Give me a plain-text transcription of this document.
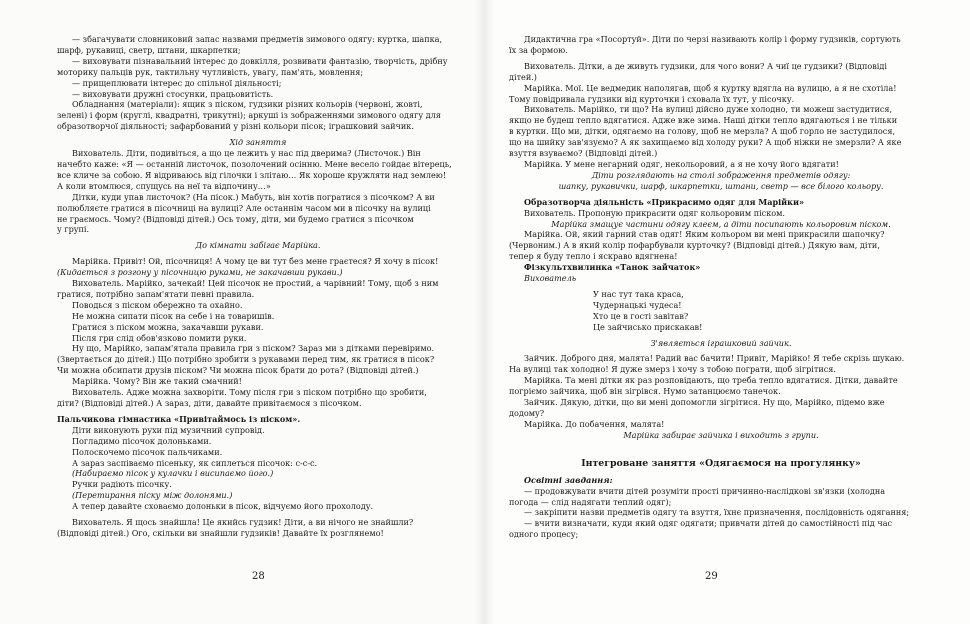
— збагачувати словниковий запас назвами предметів зимового одягу: куртка, шапка,

шарф, рукавиці, светр, штани, шкарпетки;

— виховувати пізнавальний інтерес до довкілля, розвивати фантазію, творчість, дрібну

моторику пальців рук, тактильну чутливість, увагу, пам'ять, мовлення;

— прищеплювати інтерес до спільної діяльності;

— виховувати дружні стосунки, працьовитість.

Обладнання (матеріали): ящик з піском, гудзики різних кольорів (червоні, жовті,

зелені) і форм (круглі, квадратні, трикутні); аркуші із зображеннями зимового одягу для

образотворчої діяльності; зафарбований у різні кольори пісок; іграшковий зайчик.

Хід заняття

Вихователь. Діти, подивіться, а що це лежить у нас під дверима? (Листочок.) Він

начебто каже: «Я — останній листочок, позолочений осінню. Мене весело гойдає вітерець,

все кличе за собою. Я відриваюсь від гілочки і злітаю… Як хороше кружляти над землею!

А коли втомлюся, спущусь на неї та відпочину…»

Дітки, куди упав листочок? (На пісок.) Мабуть, він хотів погратися з пісочком? А ви

полюбляєте гратися в пісочниці на вулиці? Але останнім часом ми в пісочку на вулиці

не граємось. Чому? (Відповіді дітей.) Ось тому, діти, ми будемо гратися з пісочком

у групі.

До кімнати забігає Марійка.

Марійка. Привіт! Ой, пісочниця! А чому це ви тут без мене граєтеся? Я хочу в пісок!

(Кидається з розгону у пісочницю руками, не закачавши рукави.)

Вихователь. Марійко, зачекай! Цей пісочок не простий, а чарівний! Тому, щоб з ним

гратися, потрібно запам'ятати певні правила.

Поводься з піском обережно та охайно.

Не можна сипати пісок на себе і на товаришів.

Гратися з піском можна, закачавши рукави.

Після гри слід обов'язково помити руки.

Ну що, Марійко, запам'ятала правила гри з піском? Зараз ми з дітками перевіримо.

(Звертається до дітей.) Що потрібно зробити з рукавами перед тим, як гратися в пісок?

Чи можна обсипати друзів піском? Чи можна пісок брати до рота? (Відповіді дітей.)

Марійка. Чому? Він же такий смачний!

Вихователь. Адже можна захворіти. Тому після гри з піском потрібно що зробити,

діти? (Відповіді дітей.) А зараз, діти, давайте привітаємося з пісочком.

Пальчикова гімнастика «Привітаймось із піском».

Діти виконують рухи під музичний супровід.

Погладимо пісочок долоньками.

Полоскочемо пісочок пальчиками.

А зараз заспіваємо пісеньку, як сиплеться пісочок: с-с-с.

(Набираємо пісок у кулачки і висипаємо його.)

Ручки радіють пісочку.

(Перетирання піску між долонями.)

А тепер давайте сховаємо долоньки в пісок, відчуємо його прохолоду.

Вихователь. Я щось знайшла! Це якийсь гудзик! Діти, а ви нічого не знайшли?

(Відповіді дітей.) Ого, скільки ви знайшли гудзиків! Давайте їх розглянемо!

28

Дидактична гра «Посортуй». Діти по черзі називають колір і форму гудзиків, сортують

їх за формою.

Вихователь. Дітки, а де живуть гудзики, для чого вони? А чиї це гудзики? (Відповіді

дітей.)

Марійка. Мої. Це ведмедик наполягав, щоб я куртку вдягла на вулицю, а я не схотіла!

Тому повідривала гудзики від курточки і сховала їх тут, у пісочку.

Вихователь. Марійко, ти що? На вулиці дійсно дуже холодно, ти можеш застудитися,

якщо не будеш тепло вдягатися. Адже вже зима. Наші дітки тепло вдягаються і не тільки

в куртки. Що ми, дітки, одягаємо на голову, щоб не мерзла? А щоб горло не застудилося,

що на шийку зав'язуємо? А як захищаємо від холоду руки? А щоб ніжки не змерзли? А яке

взуття взуваємо? (Відповіді дітей.)

Марійка. У мене негарний одяг, некольоровий, а я не хочу його вдягати!

Діти розглядають на столі зображення предметів одягу:

шапку, рукавички, шарф, шкарпетки, штани, светр — все білого кольору.

Образотворча діяльність «Прикрасимо одяг для Марійки»

Вихователь. Пропоную прикрасити одяг кольоровим піском.

Марійка змащує частини одягу клеєм, а діти посипають кольоровим піском.

Марійка. Ой, який гарний став одяг! Яким кольором ви мені прикрасили шапочку?

(Червоним.) А в який колір пофарбували курточку? (Відповіді дітей.) Дякую вам, діти,

тепер я буду тепло і яскраво вдягнена!

Фізкультхвилинка «Танок зайчаток»

Вихователь

У нас тут така краса,

Чудернацькі чудеса!

Хто це в гості завітав?

Це зайчисько прискакав!

З'являється іграшковий зайчик.

Зайчик. Доброго дня, малята! Радий вас бачити! Привіт, Марійко! Я тебе скрізь шукаю.

На вулиці так холодно! Я дуже змерз і хочу з тобою пограти, щоб зігрітися.

Марійка. Та мені дітки як раз розповідають, що треба тепло вдягатися. Дітки, давайте

погріємо зайчика, щоб він зігрівся. Нумо затанцюємо танечок.

Зайчик. Дякую, дітки, що ви мені допомогли зігрітися. Ну що, Марійко, підемо вже

додому?

Марійка. До побачення, малята!

Марійка забирає зайчика і виходить з групи.

Інтегроване заняття «Одягаємося на прогулянку»

Освітні завдання:

— продовжувати вчити дітей розуміти прості причинно-наслідкові зв'язки (холодна

погода — слід надягати теплий одяг);

— закріпити назви предметів одягу та взуття, їхнє призначення, послідовність одягання;

— вчити визначати, куди який одяг одягати; привчати дітей до самостійності під час

одного процесу;

29
